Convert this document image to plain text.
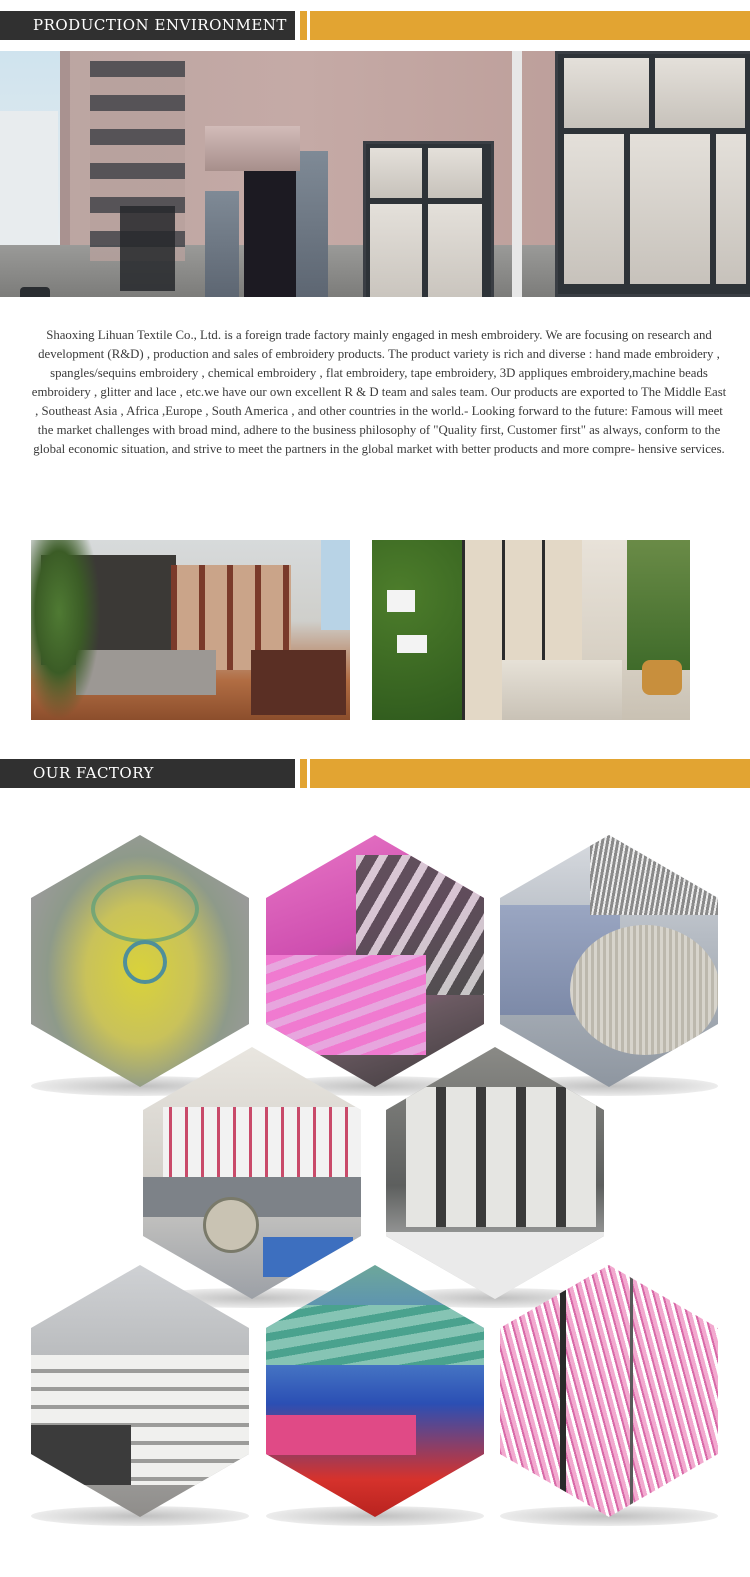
PRODUCTION ENVIRONMENT
Shaoxing Lihuan Textile Co., Ltd. is a foreign trade factory mainly engaged in mesh embroidery. We are focusing on research and development (R&D) , production and sales of embroidery products. The product variety is rich and diverse : hand made embroidery , spangles/sequins embroidery , chemical embroidery , flat embroidery, tape embroidery, 3D appliques embroidery,machine beads embroidery , glitter and lace , etc.we have our own excellent R & D team and sales team. Our products are exported to The Middle East , Southeast Asia , Africa ,Europe , South America , and other countries in the world.- Looking forward to the future: Famous will meet the market challenges with broad mind, adhere to the business philosophy of "Quality first, Customer first" as always, conform to the global economic situation, and strive to meet the partners in the global market with better products and more compre- hensive services.
OUR FACTORY
